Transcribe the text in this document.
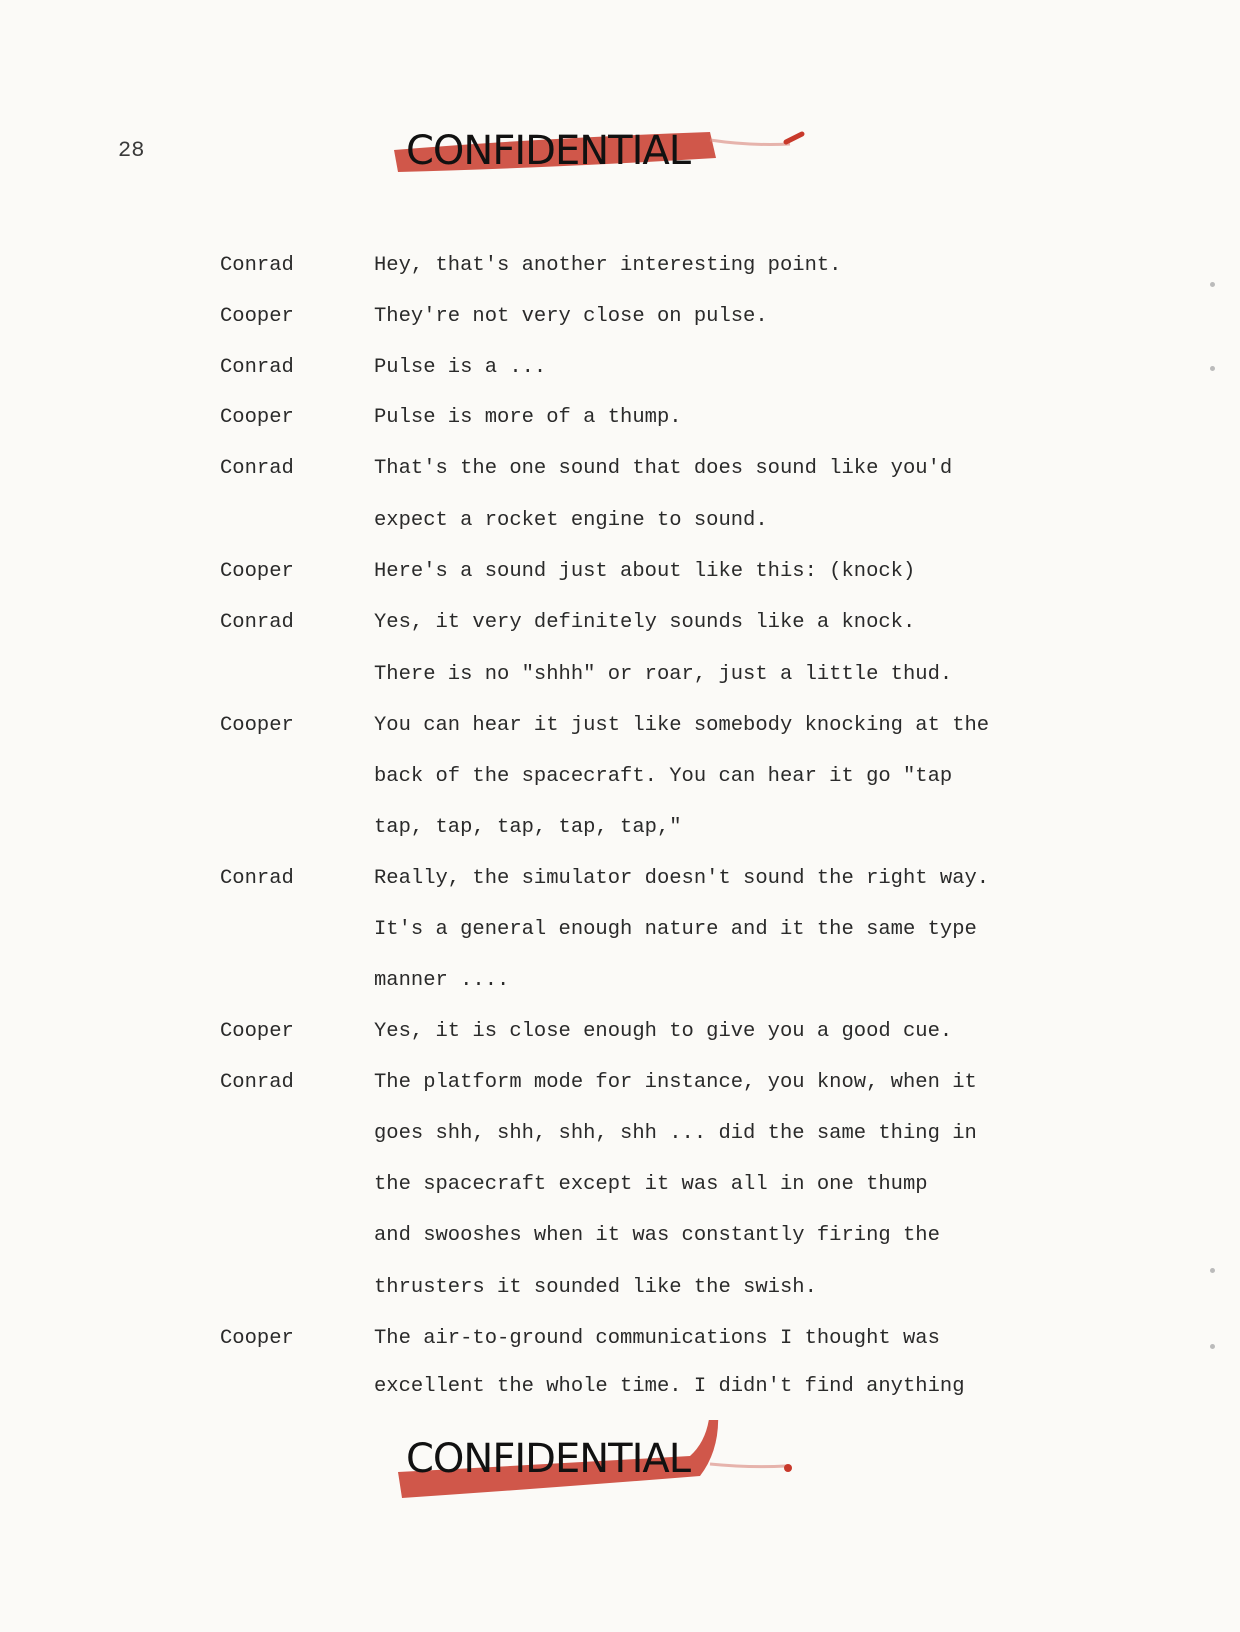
28	CONFIDENTIAL
Conrad	Hey, that's another interesting point.
Cooper	They're not very close on pulse.
Conrad	Pulse is a ...
Cooper	Pulse is more of a thump.
Conrad	That's the one sound that does sound like you'd
expect a rocket engine to sound.
Cooper	Here's a sound just about like this: (knock)
Conrad	Yes, it very definitely sounds like a knock.
There is no "shhh" or roar, just a little thud.
Cooper	You can hear it just like somebody knocking at the
back of the spacecraft. You can hear it go "tap
tap, tap, tap, tap, tap,"
Conrad	Really, the simulator doesn't sound the right way.
It's a general enough nature and it the same type
manner ....
Cooper	Yes, it is close enough to give you a good cue.
Conrad	The platform mode for instance, you know, when it
goes shh, shh, shh, shh ... did the same thing in
the spacecraft except it was all in one thump
and swooshes when it was constantly firing the
thrusters it sounded like the swish.
Cooper	The air-to-ground communications I thought was
excellent the whole time. I didn't find anything
CONFIDENTIAL
